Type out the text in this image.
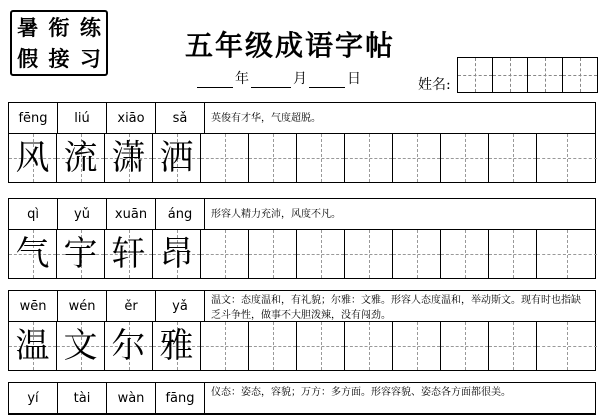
暑 衔 练
假 接 习	五年级成语字帖
年	月	日	姓名:
fēng	liú	xiāo	sǎ	英俊有才华，气度超脱。
风 流 潇 洒
qì	yǔ	xuān	áng	形容人精力充沛，风度不凡。
气 宇 轩 昂
wēn	wén	ěr	yǎ	温文：态度温和，有礼貌；尔雅：文雅。形容人态度温和，举动斯文。现有时也指缺乏斗争性，做事不大胆泼辣，没有闯劲。
温 文 尔 雅
yí	tài	wàn	fāng	仪态：姿态，容貌；万方：多方面。形容容貌、姿态各方面都很美。
